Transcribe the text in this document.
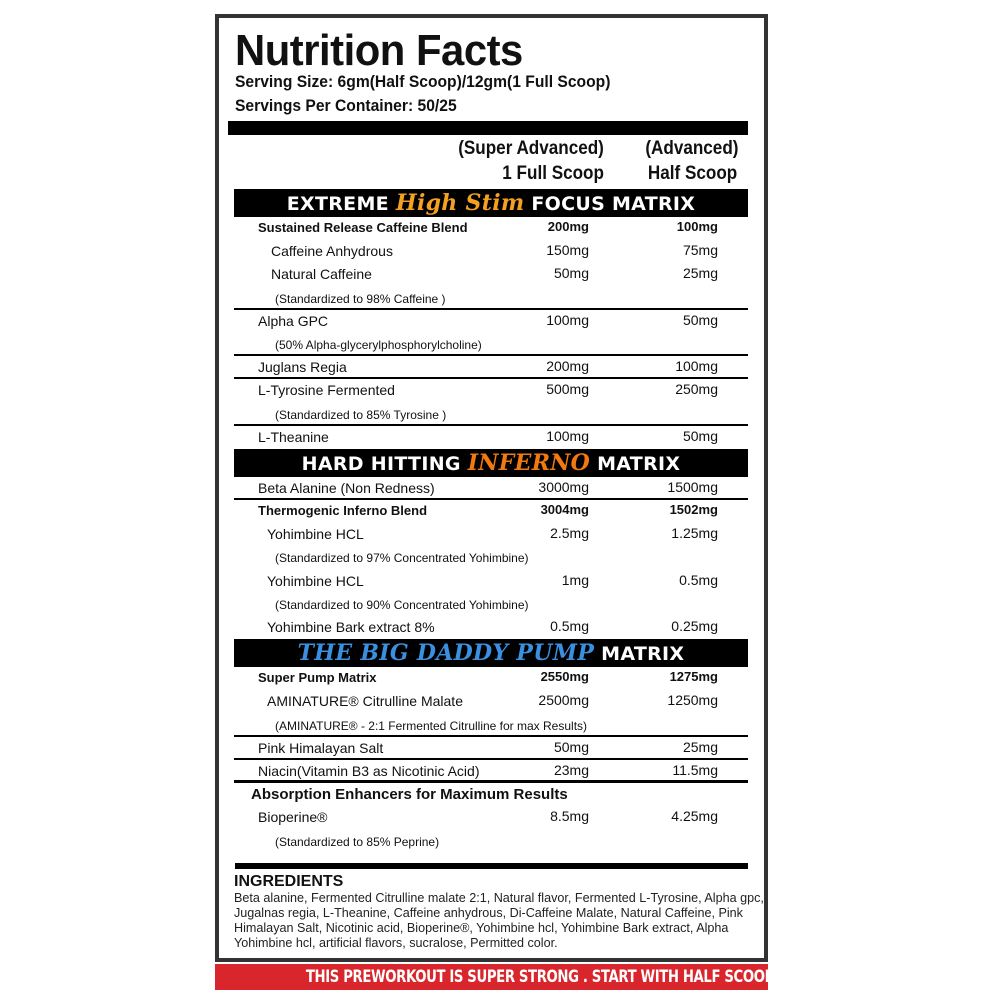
Nutrition Facts
Serving Size: 6gm(Half Scoop)/12gm(1 Full Scoop)
Servings Per Container: 50/25
(Super Advanced)
1 Full Scoop
(Advanced)
Half Scoop
EXTREME High Stim FOCUS MATRIX
Sustained Release Caffeine Blend	200mg	100mg
Caffeine Anhydrous	150mg	75mg
Natural Caffeine	50mg	25mg
(Standardized to 98% Caffeine )
Alpha GPC	100mg	50mg
(50% Alpha-glycerylphosphorylcholine)
Juglans Regia	200mg	100mg
L-Tyrosine Fermented	500mg	250mg
(Standardized to 85% Tyrosine )
L-Theanine	100mg	50mg
HARD HITTING INFERNO MATRIX
Beta Alanine (Non Redness)	3000mg	1500mg
Thermogenic Inferno Blend	3004mg	1502mg
Yohimbine HCL	2.5mg	1.25mg
(Standardized to 97% Concentrated Yohimbine)
Yohimbine HCL	1mg	0.5mg
(Standardized to 90% Concentrated Yohimbine)
Yohimbine Bark extract 8%	0.5mg	0.25mg
THE BIG DADDY PUMP MATRIX
Super Pump Matrix	2550mg	1275mg
AMINATURE® Citrulline Malate	2500mg	1250mg
(AMINATURE® - 2:1 Fermented Citrulline for max Results)
Pink Himalayan Salt	50mg	25mg
Niacin(Vitamin B3 as Nicotinic Acid)	23mg	11.5mg
Absorption Enhancers for Maximum Results
Bioperine®	8.5mg	4.25mg
(Standardized to 85% Peprine)
INGREDIENTS
Beta alanine, Fermented Citrulline malate 2:1, Natural flavor, Fermented L-Tyrosine, Alpha gpc, Jugalnas regia, L-Theanine, Caffeine anhydrous, Di-Caffeine Malate, Natural Caffeine, Pink Himalayan Salt, Nicotinic acid, Bioperine®, Yohimbine hcl, Yohimbine Bark extract, Alpha Yohimbine hcl, artificial flavors, sucralose, Permitted color.
THIS PREWORKOUT IS SUPER STRONG . START WITH HALF SCOOP TO ACCESS TOLERANCE.
